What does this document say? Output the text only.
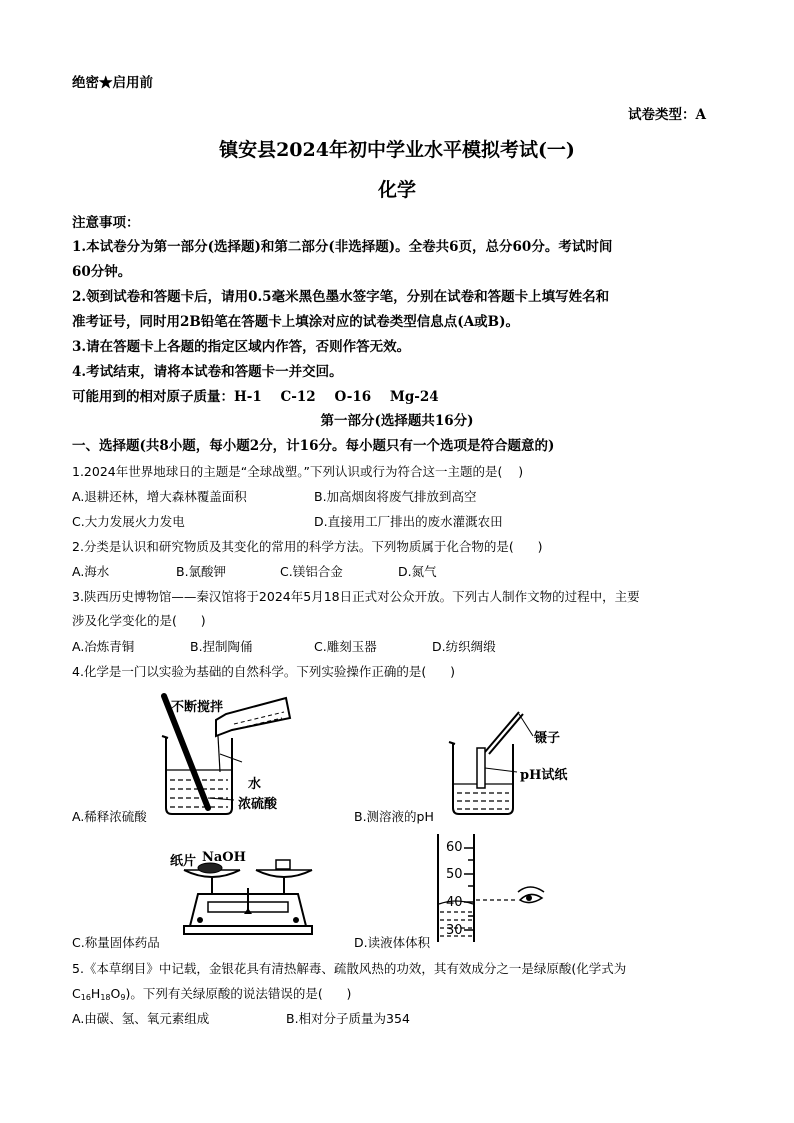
绝密★启用前
试卷类型：A
镇安县2024年初中学业水平模拟考试(一)
化学
注意事项：
1.本试卷分为第一部分(选择题)和第二部分(非选择题)。全卷共6页，总分60分。考试时间
60分钟。
2.领到试卷和答题卡后，请用0.5毫米黑色墨水签字笔，分别在试卷和答题卡上填写姓名和
准考证号，同时用2B铅笔在答题卡上填涂对应的试卷类型信息点(A或B)。
3.请在答题卡上各题的指定区域内作答，否则作答无效。
4.考试结束，请将本试卷和答题卡一并交回。
可能用到的相对原子质量：H-1    C-12    O-16    Mg-24
第一部分(选择题共16分)
一、选择题(共8小题，每小题2分，计16分。每小题只有一个选项是符合题意的)
1.2024年世界地球日的主题是“全球战塑。”下列认识或行为符合这一主题的是(    )
A.退耕还林，增大森林覆盖面积	B.加高烟囱将废气排放到高空
C.大力发展火力发电	D.直接用工厂排出的废水灌溉农田
2.分类是认识和研究物质及其变化的常用的科学方法。下列物质属于化合物的是(      )
A.海水	B.氯酸钾	C.镁铝合金	D.氮气
3.陕西历史博物馆——秦汉馆将于2024年5月18日正式对公众开放。下列古人制作文物的过程中，主要
涉及化学变化的是(      )
A.冶炼青铜	B.捏制陶俑	C.雕刻玉器	D.纺织绸缎
4.化学是一门以实验为基础的自然科学。下列实验操作正确的是(      )
不断搅拌
水
浓硫酸
A.稀释浓硫酸
镊子
pH试纸
B.测溶液的pH
纸片 NaOH
C.称量固体药品
60
50
40
30
D.读液体体积
5.《本草纲目》中记载，金银花具有清热解毒、疏散风热的功效，其有效成分之一是绿原酸(化学式为
$C_{16}H_{18}O_9$)。下列有关绿原酸的说法错误的是(      )
A.由碳、氢、氧元素组成	B.相对分子质量为354
